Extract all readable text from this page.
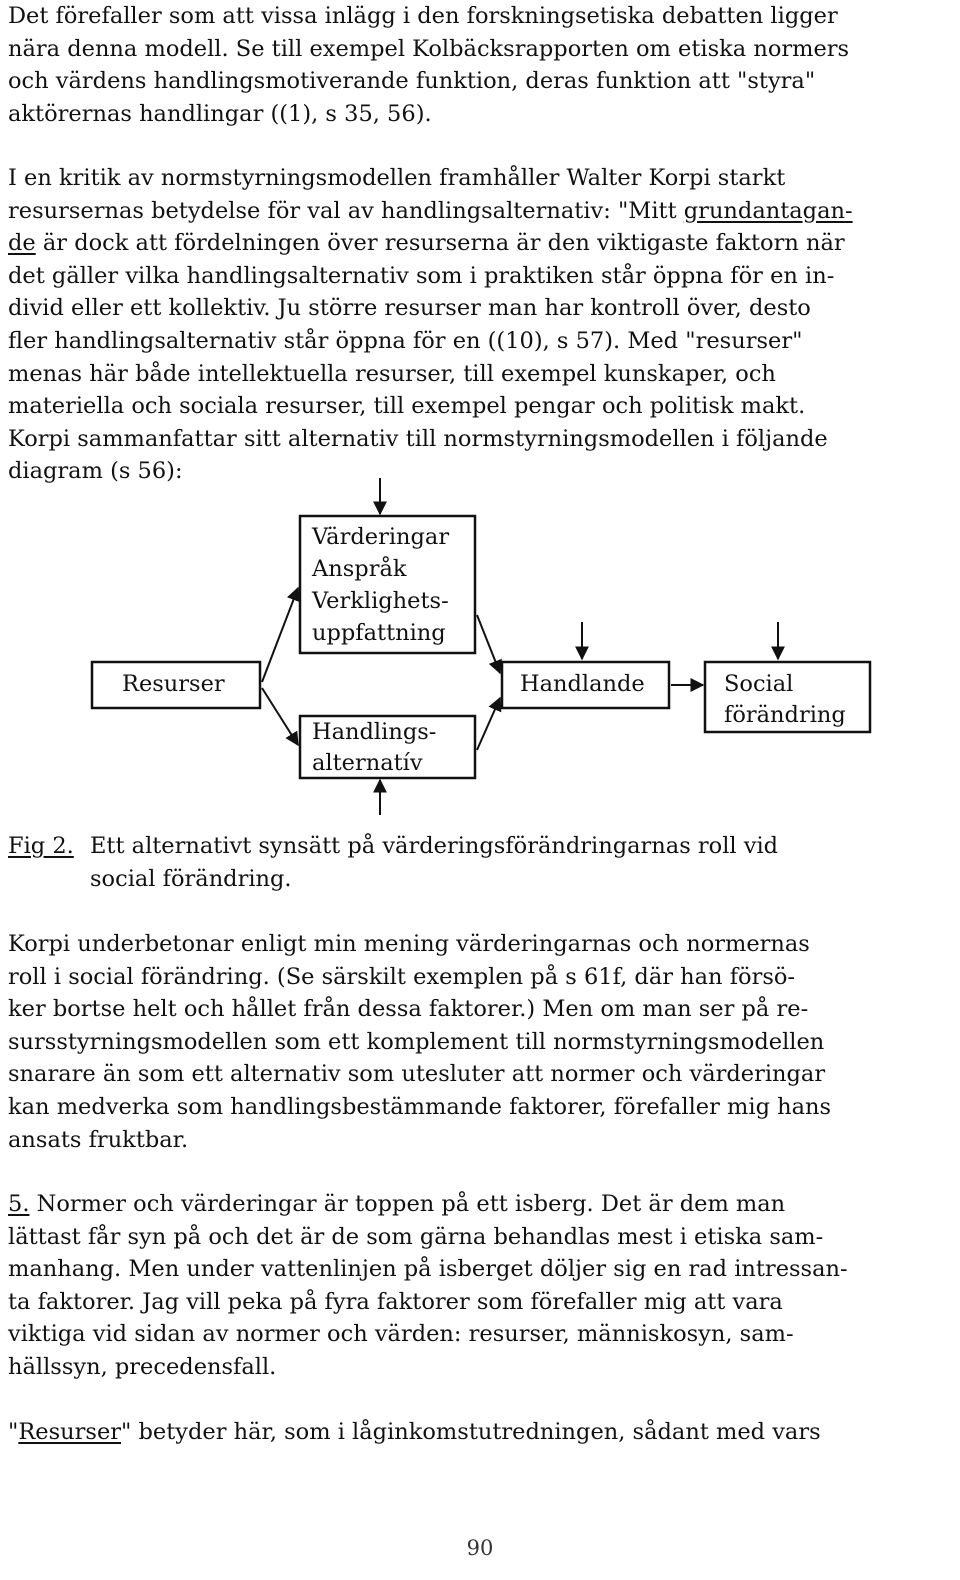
Det förefaller som att vissa inlägg i den forskningsetiska debatten ligger
nära denna modell. Se till exempel Kolbäcksrapporten om etiska normers
och värdens handlingsmotiverande funktion, deras funktion att "styra"
aktörernas handlingar ((1), s 35, 56).

I en kritik av normstyrningsmodellen framhåller Walter Korpi starkt
resursernas betydelse för val av handlingsalternativ: "Mitt grundantagan-
de är dock att fördelningen över resurserna är den viktigaste faktorn när
det gäller vilka handlingsalternativ som i praktiken står öppna för en in-
divid eller ett kollektiv. Ju större resurser man har kontroll över, desto
fler handlingsalternativ står öppna för en ((10), s 57). Med "resurser"
menas här både intellektuella resurser, till exempel kunskaper, och
materiella och sociala resurser, till exempel pengar och politisk makt.
Korpi sammanfattar sitt alternativ till normstyrningsmodellen i följande
diagram (s 56):

Värderingar
Anspråk
Verklighets-
uppfattning
Resurser
Handlings-
alternatív
Handlande	Social
förändring

Fig 2. Ett alternativt synsätt på värderingsförändringarnas roll vid
social förändring.

Korpi underbetonar enligt min mening värderingarnas och normernas
roll i social förändring. (Se särskilt exemplen på s 61f, där han försö-
ker bortse helt och hållet från dessa faktorer.) Men om man ser på re-
sursstyrningsmodellen som ett komplement till normstyrningsmodellen
snarare än som ett alternativ som utesluter att normer och värderingar
kan medverka som handlingsbestämmande faktorer, förefaller mig hans
ansats fruktbar.

5. Normer och värderingar är toppen på ett isberg. Det är dem man
lättast får syn på och det är de som gärna behandlas mest i etiska sam-
manhang. Men under vattenlinjen på isberget döljer sig en rad intressan-
ta faktorer. Jag vill peka på fyra faktorer som förefaller mig att vara
viktiga vid sidan av normer och värden: resurser, människosyn, sam-
hällssyn, precedensfall.

"Resurser" betyder här, som i låginkomstutredningen, sådant med vars

90
